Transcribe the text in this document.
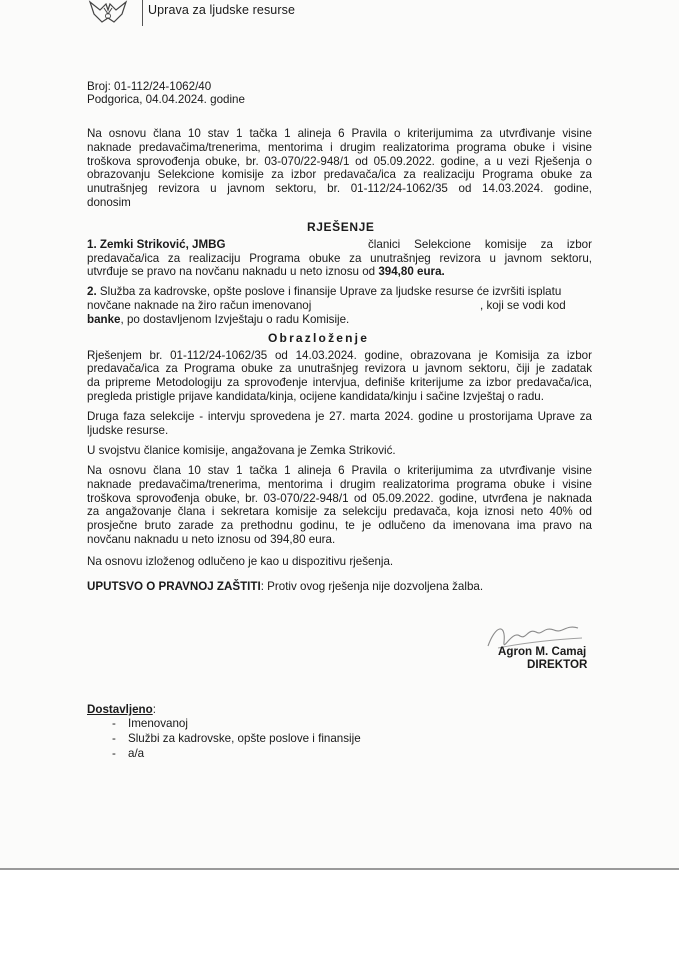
Uprava za ljudske resurse
Broj: 01-112/24-1062/40
Podgorica, 04.04.2024. godine
Na osnovu člana 10 stav 1 tačka 1 alineja 6 Pravila o kriterijumima za utvrđivanje visine
naknade predavačima/trenerima, mentorima i drugim realizatorima programa obuke i visine
troškova sprovođenja obuke, br. 03-070/22-948/1 od 05.09.2022. godine, a u vezi Rješenja o
obrazovanju Selekcione komisije za izbor predavača/ica za realizaciju Programa obuke za
unutrašnjeg revizora u javnom sektoru, br. 01-112/24-1062/35 od 14.03.2024. godine,
donosim
RJEŠENJE
1. Zemki Striković, JMBG	članici Selekcione komisije za izbor
predavača/ica za realizaciju Programa obuke za unutrašnjeg revizora u javnom sektoru,
utvrđuje se pravo na novčanu naknadu u neto iznosu od 394,80 eura.
2. Služba za kadrovske, opšte poslove i finansije Uprave za ljudske resurse će izvršiti isplatu
novčane naknade na žiro račun imenovanoj	, koji se vodi kod
banke, po dostavljenom Izvještaju o radu Komisije.
Obrazloženje
Rješenjem br. 01-112/24-1062/35 od 14.03.2024. godine, obrazovana je Komisija za izbor
predavača/ica za Programa obuke za unutrašnjeg revizora u javnom sektoru, čiji je zadatak
da pripreme Metodologiju za sprovođenje intervjua, definiše kriterijume za izbor predavača/ica,
pregleda pristigle prijave kandidata/kinja, ocijene kandidata/kinju i sačine Izvještaj o radu.
Druga faza selekcije - intervju sprovedena je 27. marta 2024. godine u prostorijama Uprave za
ljudske resurse.
U svojstvu članice komisije, angažovana je Zemka Striković.
Na osnovu člana 10 stav 1 tačka 1 alineja 6 Pravila o kriterijumima za utvrđivanje visine
naknade predavačima/trenerima, mentorima i drugim realizatorima programa obuke i visine
troškova sprovođenja obuke, br. 03-070/22-948/1 od 05.09.2022. godine, utvrđena je naknada
za angažovanje člana i sekretara komisije za selekciju predavača, koja iznosi neto 40% od
prosječne bruto zarade za prethodnu godinu, te je odlučeno da imenovana ima pravo na
novčanu naknadu u neto iznosu od 394,80 eura.
Na osnovu izloženog odlučeno je kao u dispozitivu rješenja.
UPUTSVO O PRAVNOJ ZAŠTITI: Protiv ovog rješenja nije dozvoljena žalba.
Agron M. Camaj
DIREKTOR
Dostavljeno:
- Imenovanoj
- Službi za kadrovske, opšte poslove i finansije
- a/a
